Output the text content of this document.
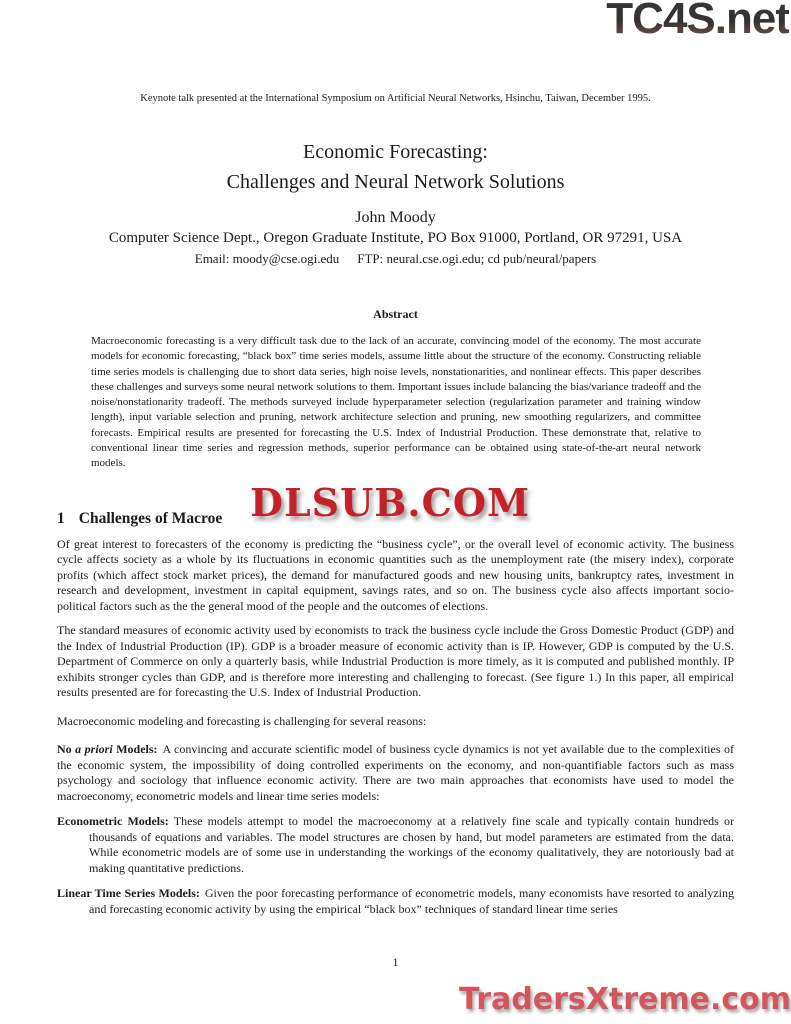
TC4S.net

Keynote talk presented at the International Symposium on Artificial Neural Networks, Hsinchu, Taiwan, December 1995.

Economic Forecasting:
Challenges and Neural Network Solutions
John Moody
Computer Science Dept., Oregon Graduate Institute, PO Box 91000, Portland, OR 97291, USA
Email: moody@cse.ogi.edu FTP: neural.cse.ogi.edu; cd pub/neural/papers
Abstract
Macroeconomic forecasting is a very difficult task due to the lack of an accurate, convincing model of the economy. The most accurate models for economic forecasting, “black box” time series models, assume little about the structure of the economy. Constructing reliable time series models is challenging due to short data series, high noise levels, nonstationarities, and nonlinear effects. This paper describes these challenges and surveys some neural network solutions to them. Important issues include balancing the bias/variance tradeoff and the noise/nonstationarity tradeoff. The methods surveyed include hyperparameter selection (regularization parameter and training window length), input variable selection and pruning, network architecture selection and pruning, new smoothing regularizers, and committee forecasts. Empirical results are presented for forecasting the U.S. Index of Industrial Production. These demonstrate that, relative to conventional linear time series and regression methods, superior performance can be obtained using state-of-the-art neural network models.
1 Challenges of Macroe DLSUB.COM

Of great interest to forecasters of the economy is predicting the “business cycle”, or the overall level of economic activity. The business cycle affects society as a whole by its fluctuations in economic quantities such as the unemployment rate (the misery index), corporate profits (which affect stock market prices), the demand for manufactured goods and new housing units, bankruptcy rates, investment in research and development, investment in capital equipment, savings rates, and so on. The business cycle also affects important socio-political factors such as the the general mood of the people and the outcomes of elections.

The standard measures of economic activity used by economists to track the business cycle include the Gross Domestic Product (GDP) and the Index of Industrial Production (IP). GDP is a broader measure of economic activity than is IP. However, GDP is computed by the U.S. Department of Commerce on only a quarterly basis, while Industrial Production is more timely, as it is computed and published monthly. IP exhibits stronger cycles than GDP, and is therefore more interesting and challenging to forecast. (See figure 1.) In this paper, all empirical results presented are for forecasting the U.S. Index of Industrial Production.

Macroeconomic modeling and forecasting is challenging for several reasons:

No a priori Models: A convincing and accurate scientific model of business cycle dynamics is not yet available due to the complexities of the economic system, the impossibility of doing controlled experiments on the economy, and non-quantifiable factors such as mass psychology and sociology that influence economic activity. There are two main approaches that economists have used to model the macroeconomy, econometric models and linear time series models:

Econometric Models: These models attempt to model the macroeconomy at a relatively fine scale and typically contain hundreds or thousands of equations and variables. The model structures are chosen by hand, but model parameters are estimated from the data. While econometric models are of some use in understanding the workings of the economy qualitatively, they are notoriously bad at making quantitative predictions.
Linear Time Series Models: Given the poor forecasting performance of econometric models, many economists have resorted to analyzing and forecasting economic activity by using the empirical “black box” techniques of standard linear time series
1
TradersXtreme.com
